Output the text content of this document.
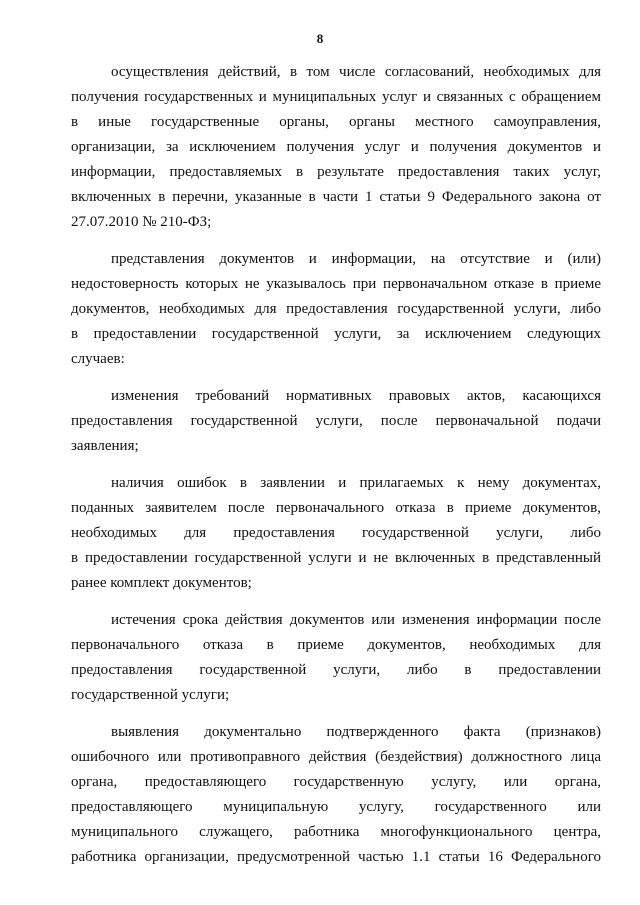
8
осуществления действий, в том числе согласований, необходимых для
получения государственных и муниципальных услуг и связанных с обращением
в иные государственные органы, органы местного самоуправления,
организации, за исключением получения услуг и получения документов и
информации, предоставляемых в результате предоставления таких услуг,
включенных в перечни, указанные в части 1 статьи 9 Федерального закона от
27.07.2010 № 210-ФЗ;
представления документов и информации, на отсутствие и (или)
недостоверность которых не указывалось при первоначальном отказе в приеме
документов, необходимых для предоставления государственной услуги, либо
в предоставлении государственной услуги, за исключением следующих
случаев:
изменения требований нормативных правовых актов, касающихся
предоставления государственной услуги, после первоначальной подачи
заявления;
наличия ошибок в заявлении и прилагаемых к нему документах,
поданных заявителем после первоначального отказа в приеме документов,
необходимых для предоставления государственной услуги, либо
в предоставлении государственной услуги и не включенных в представленный
ранее комплект документов;
истечения срока действия документов или изменения информации после
первоначального отказа в приеме документов, необходимых для
предоставления государственной услуги, либо в предоставлении
государственной услуги;
выявления документально подтвержденного факта (признаков)
ошибочного или противоправного действия (бездействия) должностного лица
органа, предоставляющего государственную услугу, или органа,
предоставляющего муниципальную услугу, государственного или
муниципального служащего, работника многофункционального центра,
работника организации, предусмотренной частью 1.1 статьи 16 Федерального
